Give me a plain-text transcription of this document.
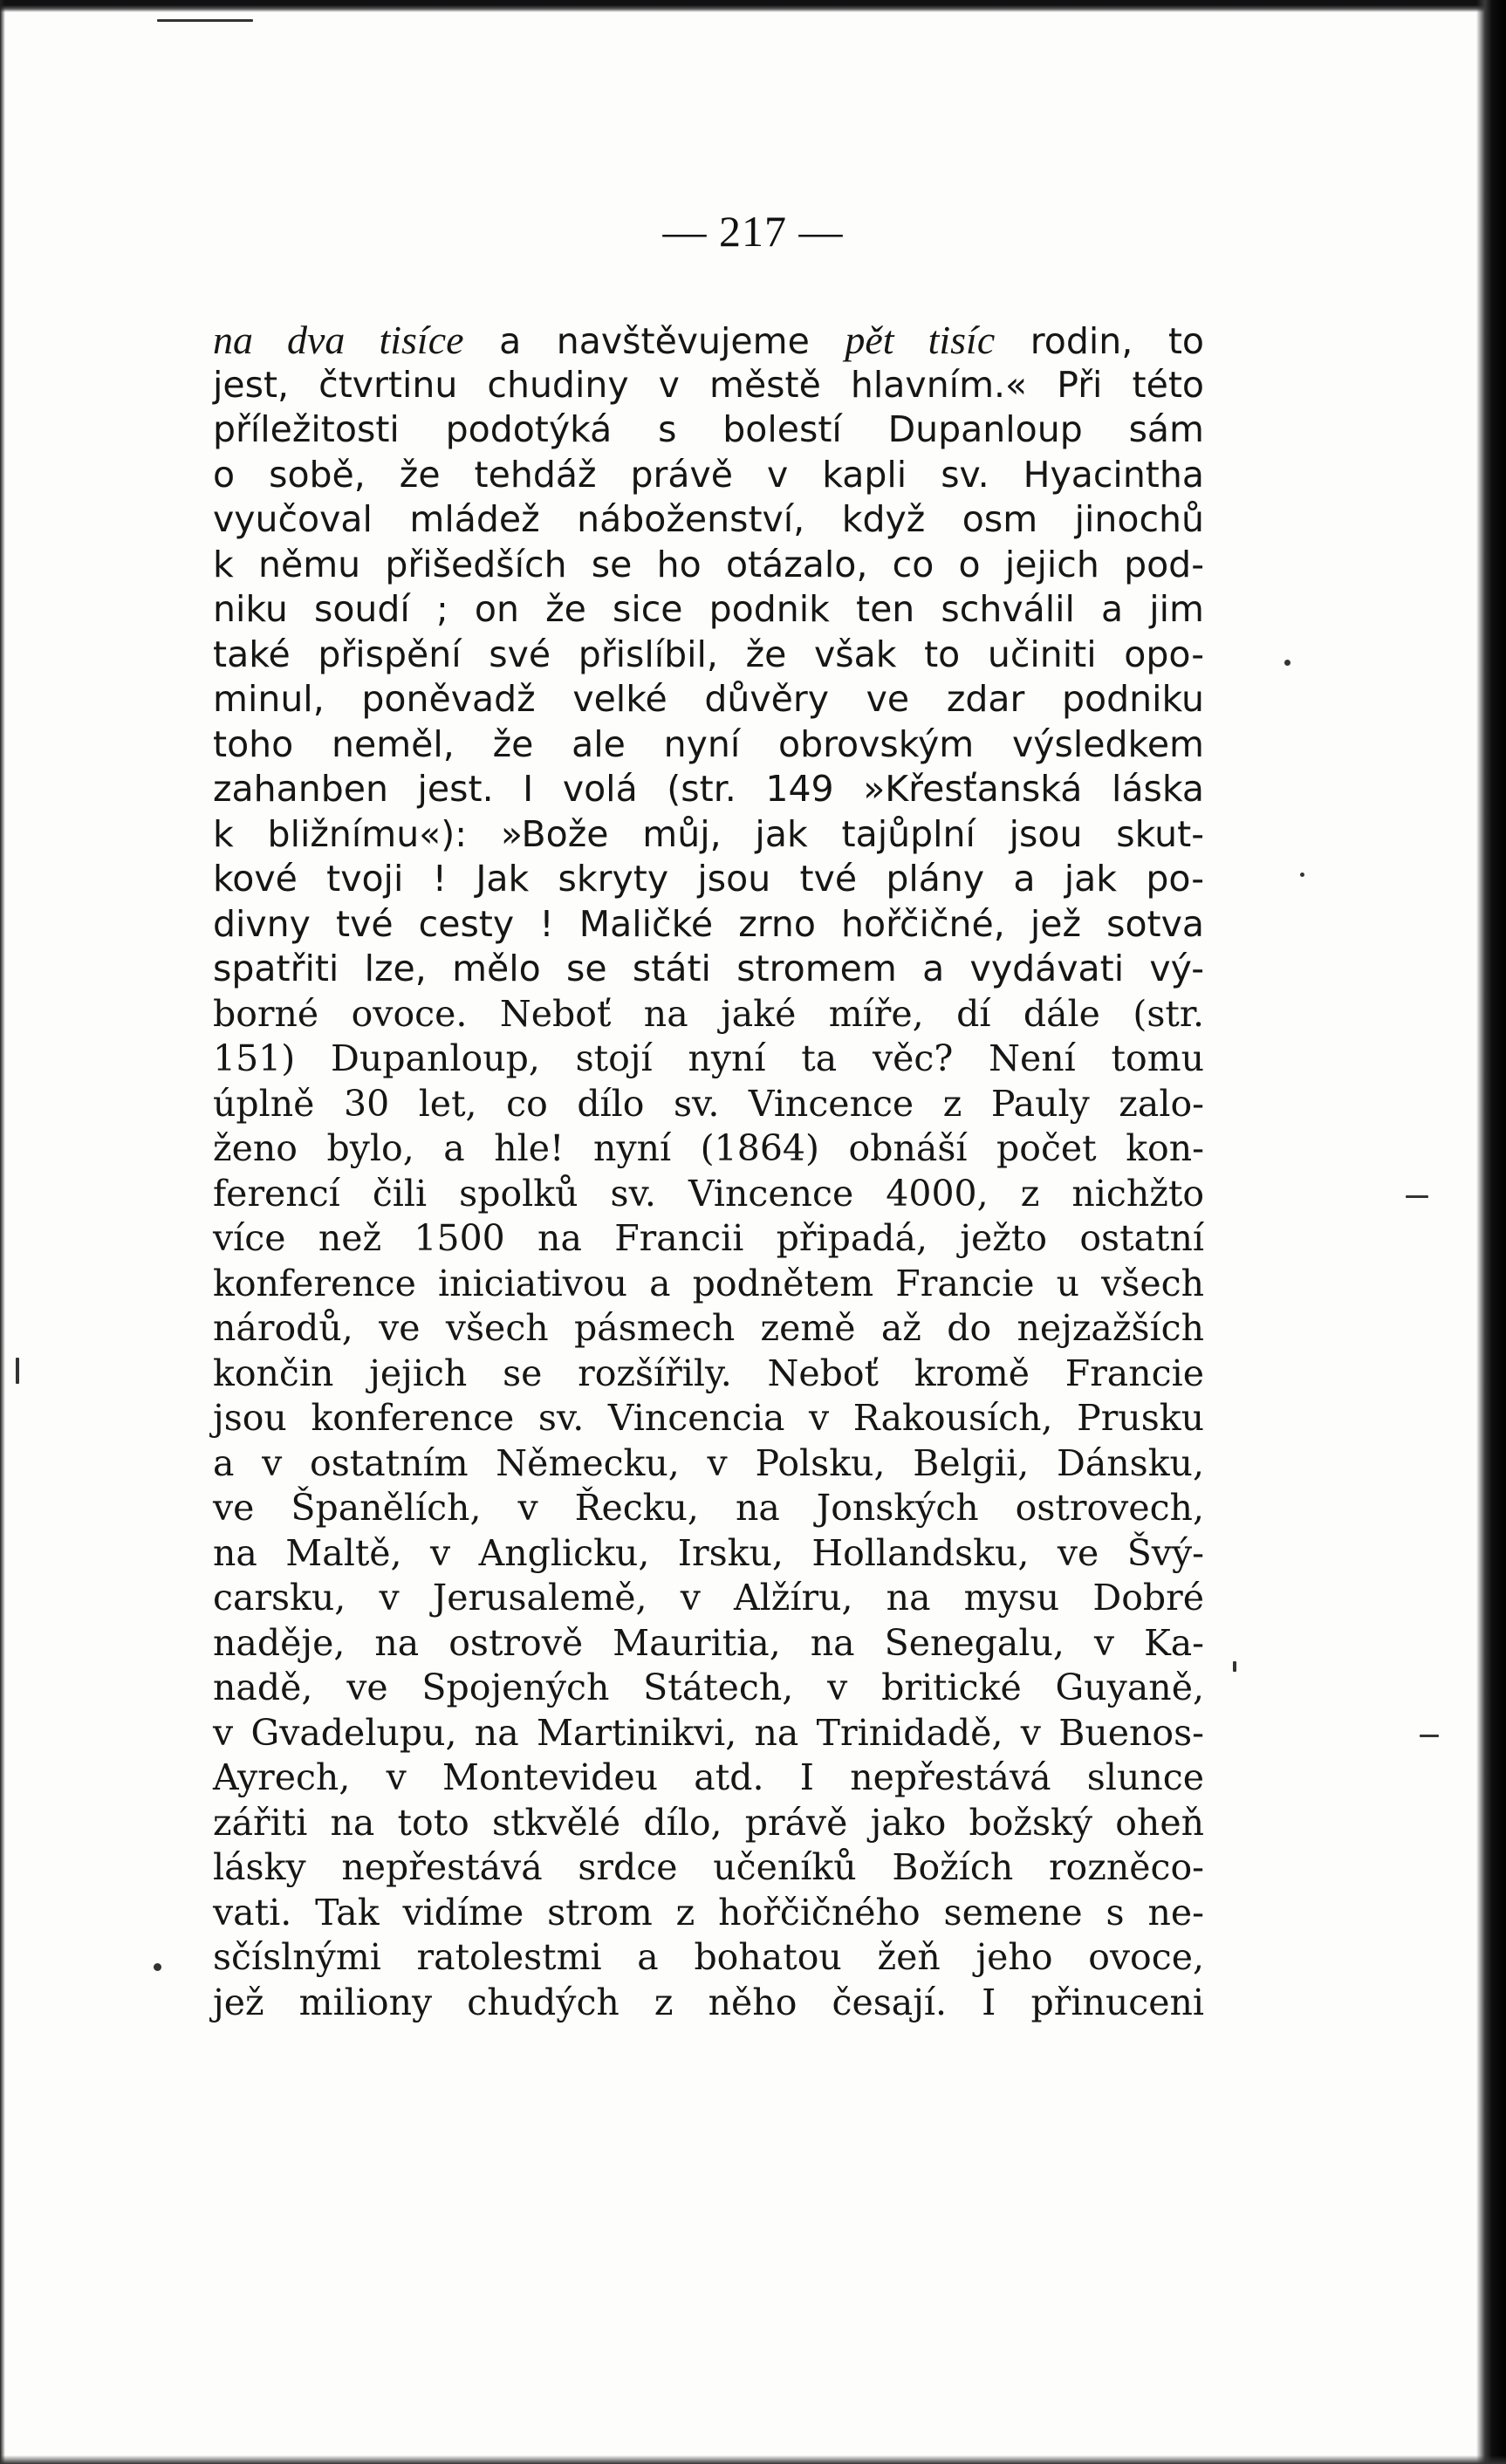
— 217 —
na dva tisíce a navštěvujeme pět tisíc rodin, to
jest, čtvrtinu chudiny v městě hlavním.« Při této
příležitosti podotýká s bolestí Dupanloup sám
o sobě, že tehdáž právě v kapli sv. Hyacintha
vyučoval mládež náboženství, když osm jinochů
k němu přišedších se ho otázalo, co o jejich pod-
niku soudí ; on že sice podnik ten schválil a jim
také přispění své přislíbil, že však to učiniti opo-
minul, poněvadž velké důvěry ve zdar podniku
toho neměl, že ale nyní obrovským výsledkem
zahanben jest. I volá (str. 149 »Křesťanská láska
k bližnímu«): »Bože můj, jak tajůplní jsou skut-
kové tvoji ! Jak skryty jsou tvé plány a jak po-
divny tvé cesty ! Maličké zrno hořčičné, jež sotva
spatřiti lze, mělo se státi stromem a vydávati vý-
borné ovoce. Neboť na jaké míře, dí dále (str.
151) Dupanloup, stojí nyní ta věc? Není tomu
úplně 30 let, co dílo sv. Vincence z Pauly zalo-
ženo bylo, a hle! nyní (1864) obnáší počet kon-
ferencí čili spolků sv. Vincence 4000, z nichžto
více než 1500 na Francii připadá, ježto ostatní
konference iniciativou a podnětem Francie u všech
národů, ve všech pásmech země až do nejzažších
končin jejich se rozšířily. Neboť kromě Francie
jsou konference sv. Vincencia v Rakousích, Prusku
a v ostatním Německu, v Polsku, Belgii, Dánsku,
ve Španělích, v Řecku, na Jonských ostrovech,
na Maltě, v Anglicku, Irsku, Hollandsku, ve Švý-
carsku, v Jerusalemě, v Alžíru, na mysu Dobré
naděje, na ostrově Mauritia, na Senegalu, v Ka-
nadě, ve Spojených Státech, v britické Guyaně,
v Gvadelupu, na Martinikvi, na Trinidadě, v Buenos-
Ayrech, v Montevideu atd. I nepřestává slunce
zářiti na toto stkvělé dílo, právě jako božský oheň
lásky nepřestává srdce učeníků Božích rozněco-
vati. Tak vidíme strom z hořčičného semene s ne-
sčíslnými ratolestmi a bohatou žeň jeho ovoce,
jež miliony chudých z něho česají. I přinuceni
